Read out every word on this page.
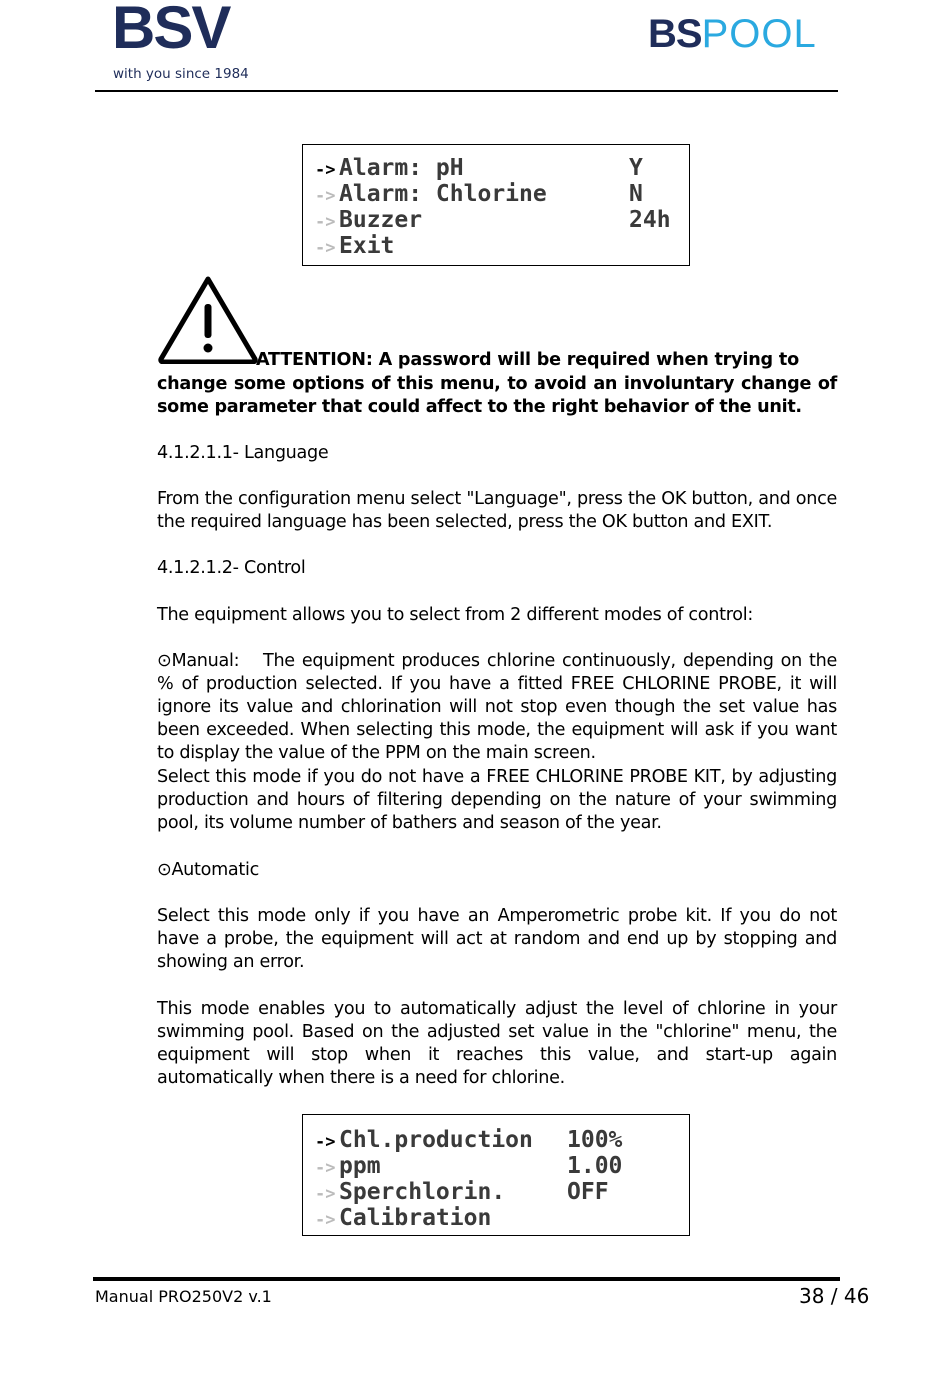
BSV
with you since 1984
BSPOOL
-> Alarm: pH	Y
-> Alarm: Chlorine	N
-> Buzzer	24h
-> Exit
ATTENTION: A password will be required when trying to
change some options of this menu, to avoid an involuntary change of some parameter that could affect to the right behavior of the unit.
4.1.2.1.1- Language
From the configuration menu select "Language", press the OK button, and once the required language has been selected, press the OK button and EXIT.
4.1.2.1.2- Control
The equipment allows you to select from 2 different modes of control:
⊙Manual: The equipment produces chlorine continuously, depending on the % of production selected. If you have a fitted FREE CHLORINE PROBE, it will ignore its value and chlorination will not stop even though the set value has been exceeded. When selecting this mode, the equipment will ask if you want to display the value of the PPM on the main screen.
Select this mode if you do not have a FREE CHLORINE PROBE KIT, by adjusting production and hours of filtering depending on the nature of your swimming pool, its volume number of bathers and season of the year.
⊙Automatic
Select this mode only if you have an Amperometric probe kit. If you do not have a probe, the equipment will act at random and end up by stopping and showing an error.
This mode enables you to automatically adjust the level of chlorine in your swimming pool. Based on the adjusted set value in the "chlorine" menu, the equipment will stop when it reaches this value, and start-up again automatically when there is a need for chlorine.
-> Chl.production 100%
-> ppm	1.00
-> Sperchlorin.	OFF
-> Calibration
Manual PRO250V2 v.1	38 / 46
